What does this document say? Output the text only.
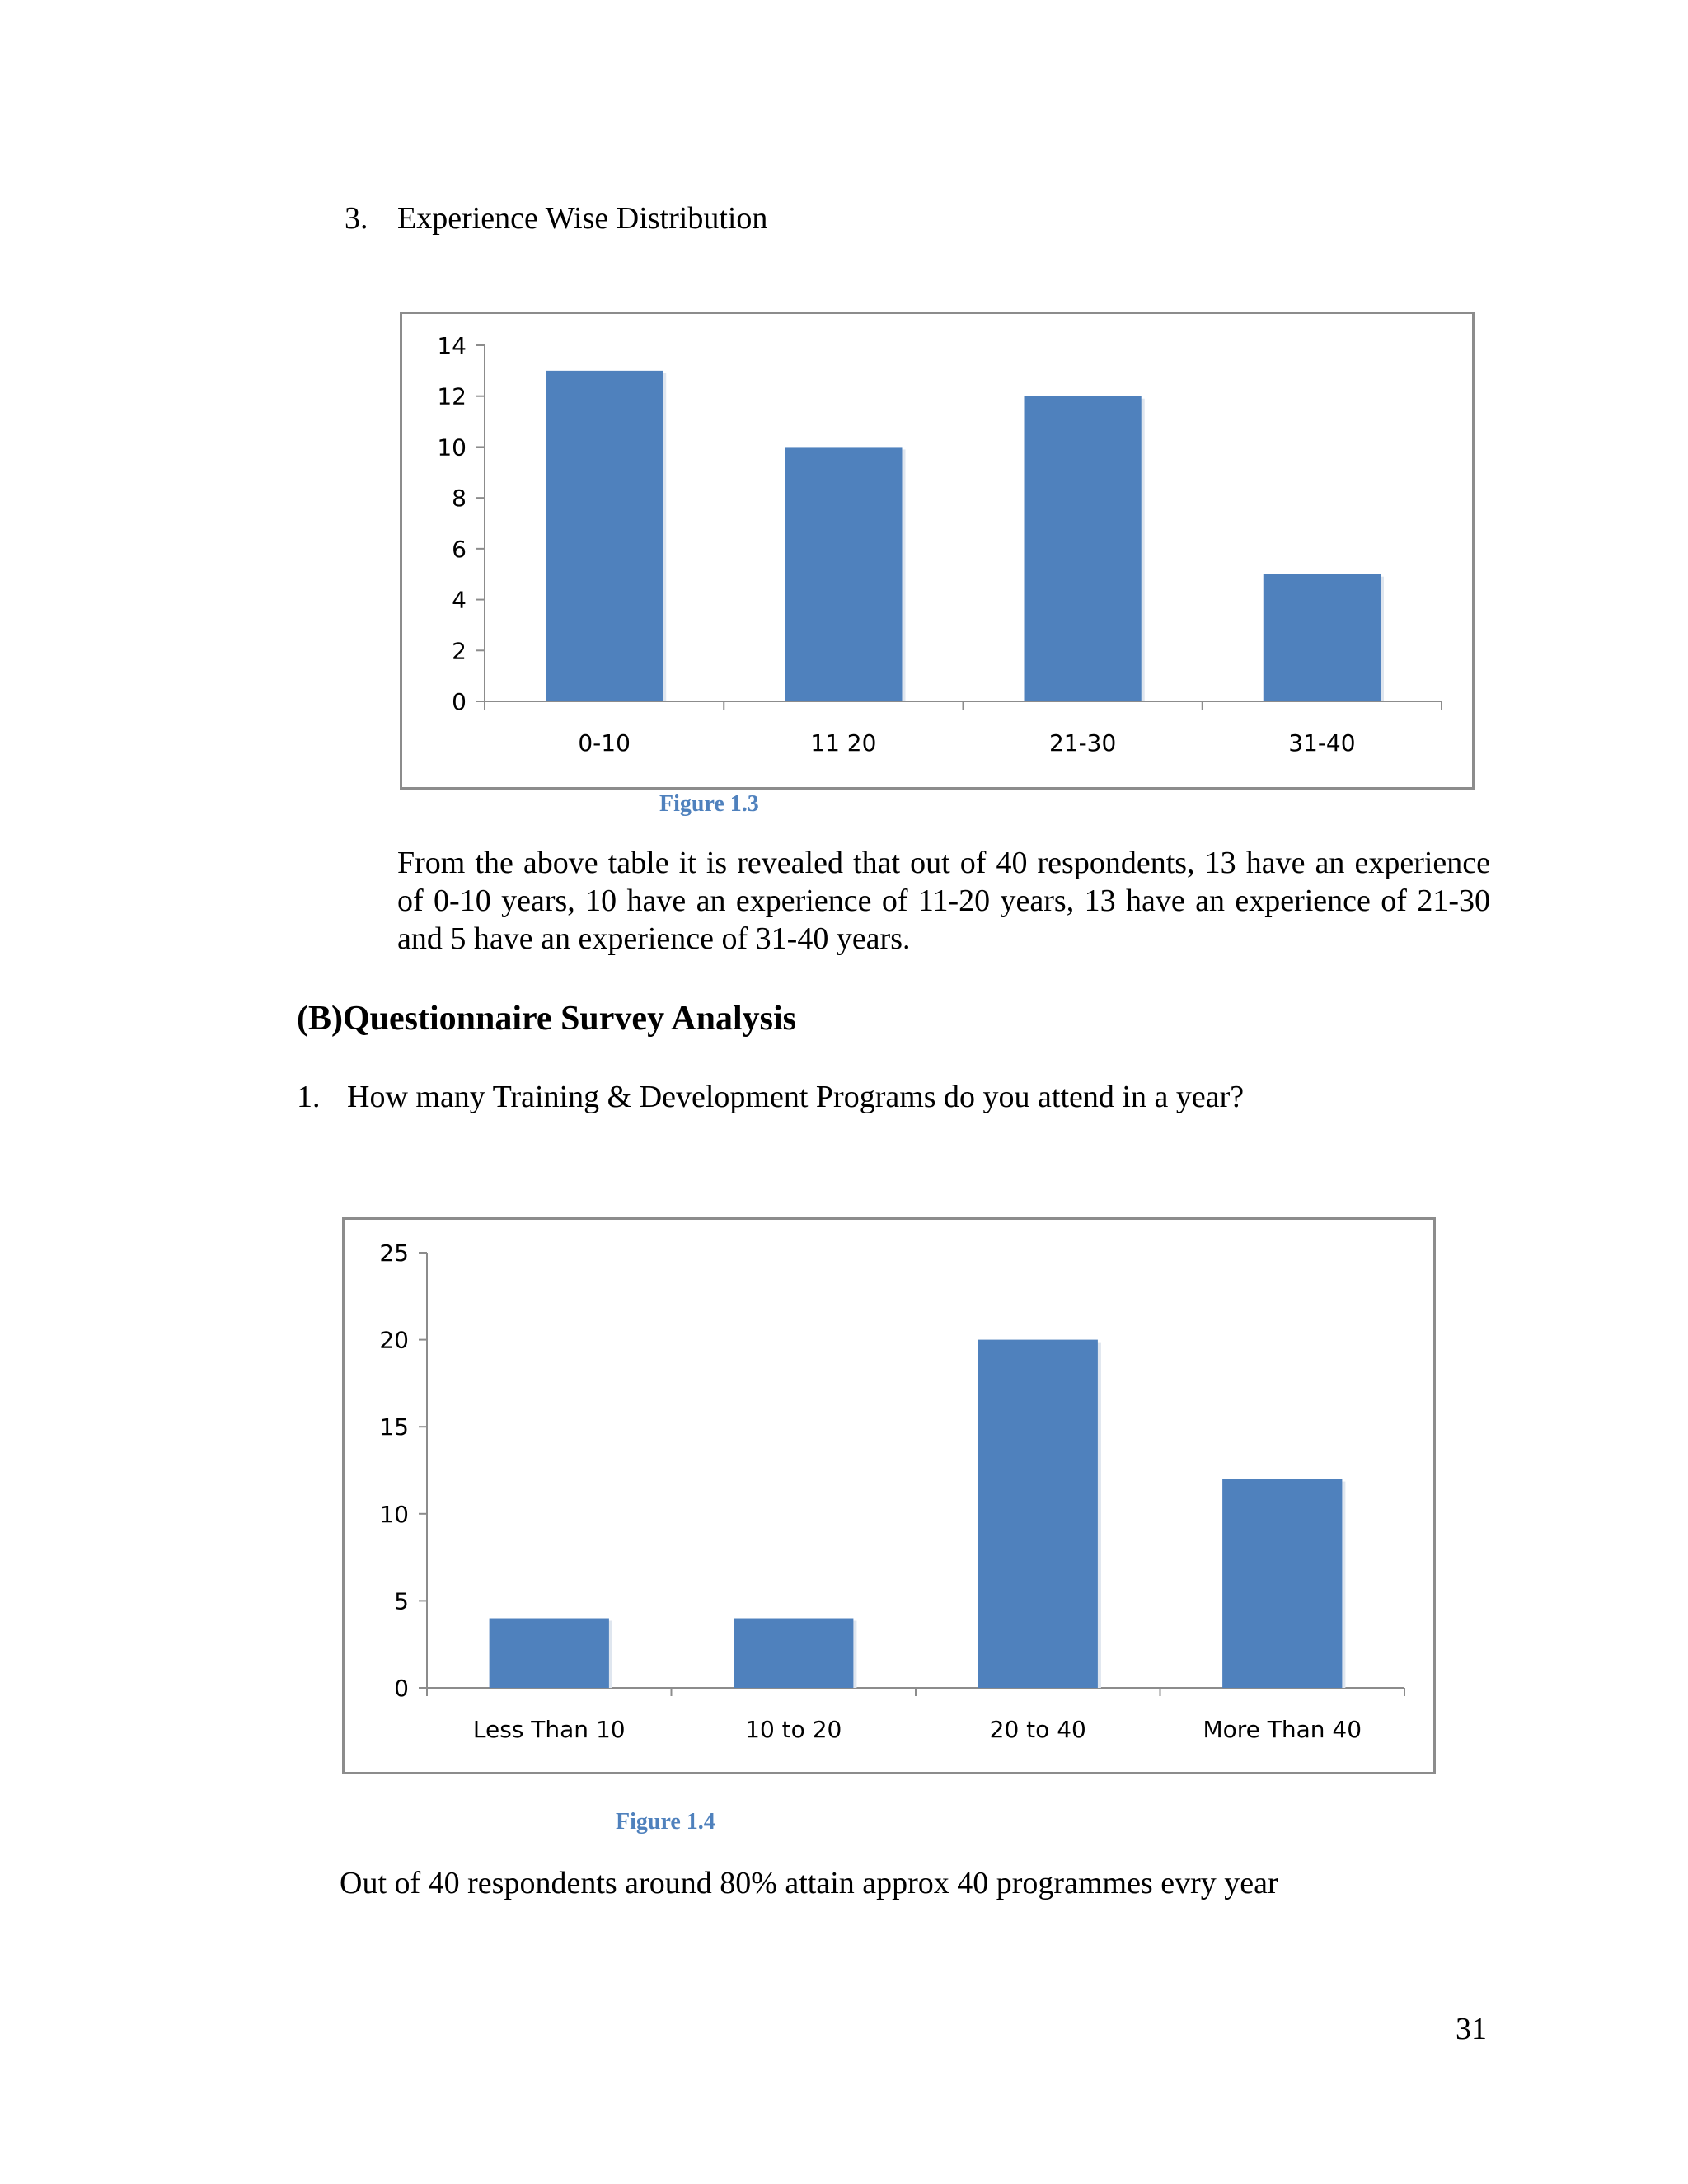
3. Experience Wise Distribution
0
2
4
6
8
10
12
14
0-10	11 20	21-30	31-40
Figure 1.3
From the above table it is revealed that out of 40 respondents, 13 have an experience of 0-10 years, 10 have an experience of 11-20 years, 13 have an experience of 21-30 and 5 have an experience of 31-40 years.
(B)Questionnaire Survey Analysis
1. How many Training & Development Programs do you attend in a year?
0
5
10
15
20
25
Less Than 10	10 to 20	20 to 40	More Than 40
Figure 1.4
Out of 40 respondents around 80% attain approx 40 programmes evry year
31
